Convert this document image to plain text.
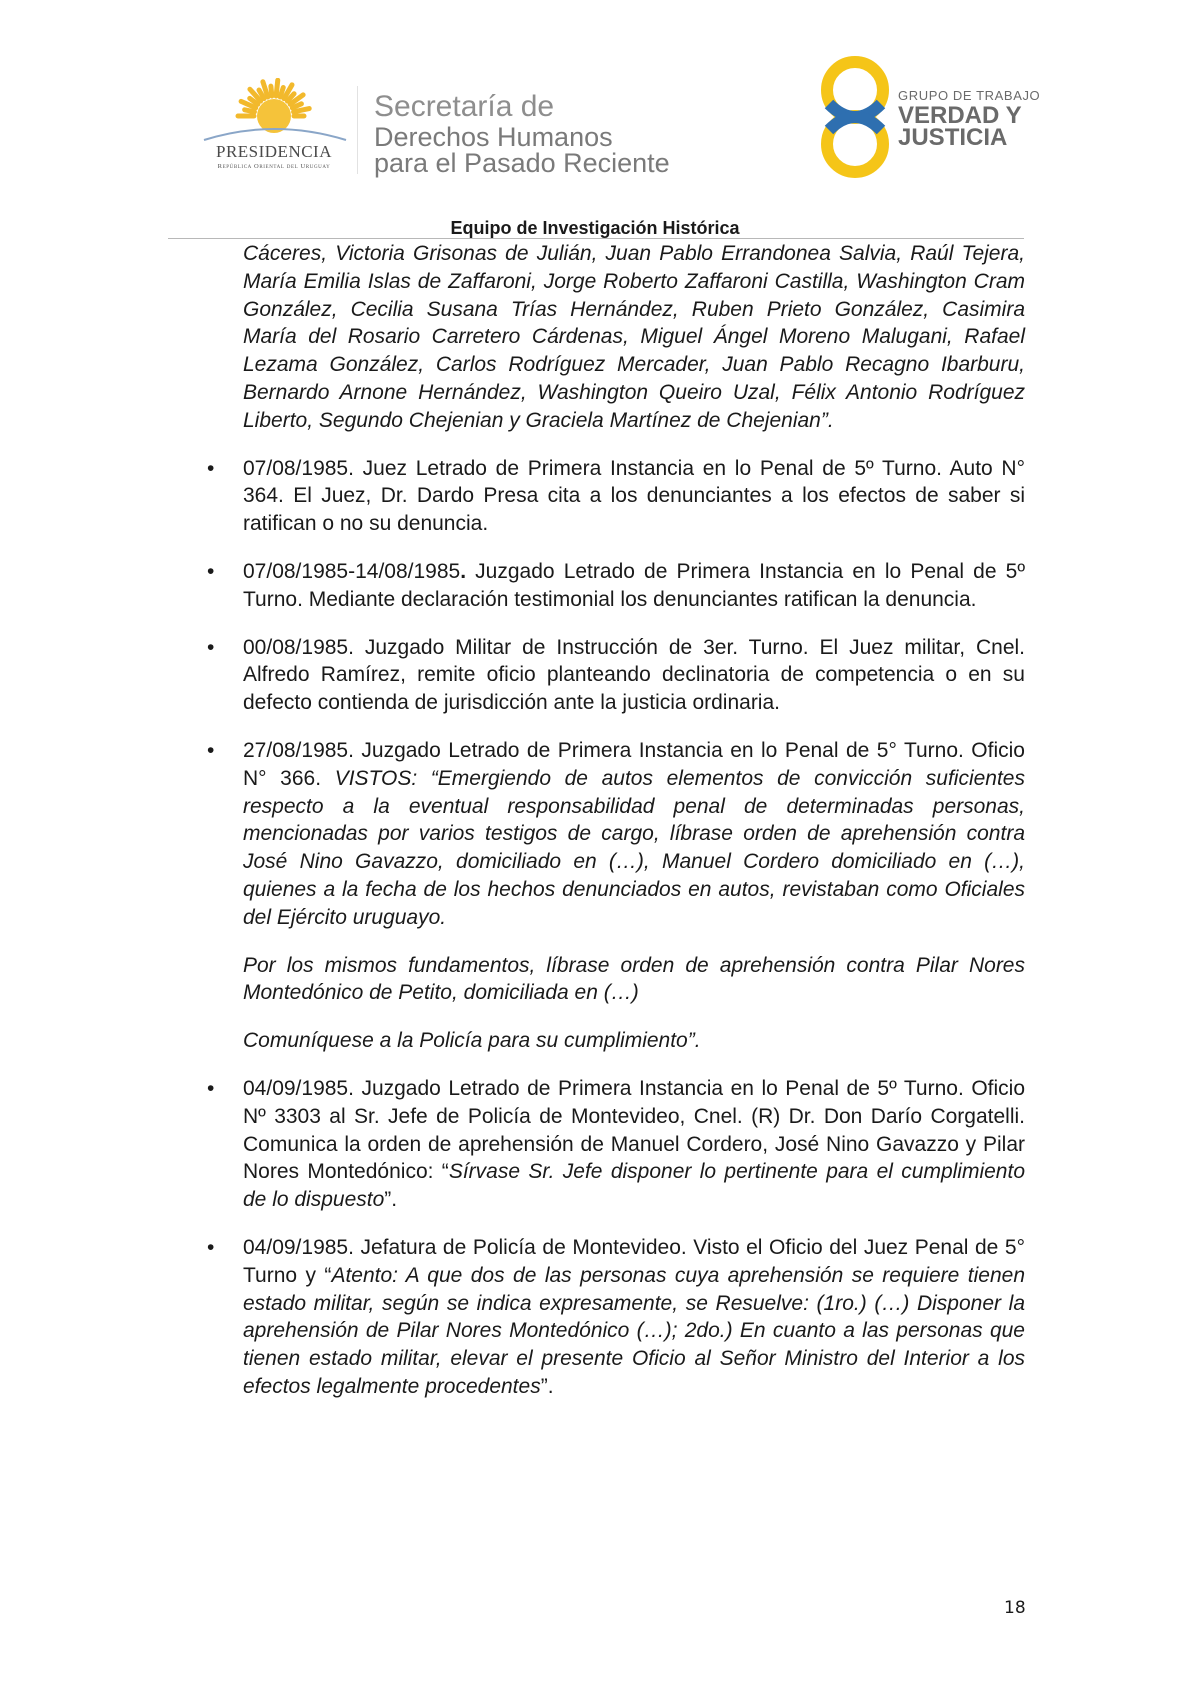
PRESIDENCIA
República Oriental del Uruguay
Secretaría de
Derechos Humanos
para el Pasado Reciente
GRUPO DE TRABAJO
VERDAD Y
JUSTICIA
Equipo de Investigación Histórica

Cáceres, Victoria Grisonas de Julián, Juan Pablo Errandonea Salvia, Raúl Tejera, María Emilia Islas de Zaffaroni, Jorge Roberto Zaffaroni Castilla, Washington Cram González, Cecilia Susana Trías Hernández, Ruben Prieto González, Casimira María del Rosario Carretero Cárdenas, Miguel Ángel Moreno Malugani, Rafael Lezama González, Carlos Rodríguez Mercader, Juan Pablo Recagno Ibarburu, Bernardo Arnone Hernández, Washington Queiro Uzal, Félix Antonio Rodríguez Liberto, Segundo Chejenian y Graciela Martínez de Chejenian”.

• 07/08/1985. Juez Letrado de Primera Instancia en lo Penal de 5º Turno. Auto N° 364. El Juez, Dr. Dardo Presa cita a los denunciantes a los efectos de saber si ratifican o no su denuncia.

• 07/08/1985-14/08/1985. Juzgado Letrado de Primera Instancia en lo Penal de 5º Turno. Mediante declaración testimonial los denunciantes ratifican la denuncia.

• 00/08/1985. Juzgado Militar de Instrucción de 3er. Turno. El Juez militar, Cnel. Alfredo Ramírez, remite oficio planteando declinatoria de competencia o en su defecto contienda de jurisdicción ante la justicia ordinaria.

• 27/08/1985. Juzgado Letrado de Primera Instancia en lo Penal de 5° Turno. Oficio N° 366. VISTOS: “Emergiendo de autos elementos de convicción suficientes respecto a la eventual responsabilidad penal de determinadas personas, mencionadas por varios testigos de cargo, líbrase orden de aprehensión contra José Nino Gavazzo, domiciliado en (…), Manuel Cordero domiciliado en (…), quienes a la fecha de los hechos denunciados en autos, revistaban como Oficiales del Ejército uruguayo.

Por los mismos fundamentos, líbrase orden de aprehensión contra Pilar Nores Montedónico de Petito, domiciliada en (…)

Comuníquese a la Policía para su cumplimiento”.

• 04/09/1985. Juzgado Letrado de Primera Instancia en lo Penal de 5º Turno. Oficio Nº 3303 al Sr. Jefe de Policía de Montevideo, Cnel. (R) Dr. Don Darío Corgatelli. Comunica la orden de aprehensión de Manuel Cordero, José Nino Gavazzo y Pilar Nores Montedónico: “Sírvase Sr. Jefe disponer lo pertinente para el cumplimiento de lo dispuesto”.

• 04/09/1985. Jefatura de Policía de Montevideo. Visto el Oficio del Juez Penal de 5° Turno y “Atento: A que dos de las personas cuya aprehensión se requiere tienen estado militar, según se indica expresamente, se Resuelve: (1ro.) (…) Disponer la aprehensión de Pilar Nores Montedónico (…); 2do.) En cuanto a las personas que tienen estado militar, elevar el presente Oficio al Señor Ministro del Interior a los efectos legalmente procedentes”.

18
